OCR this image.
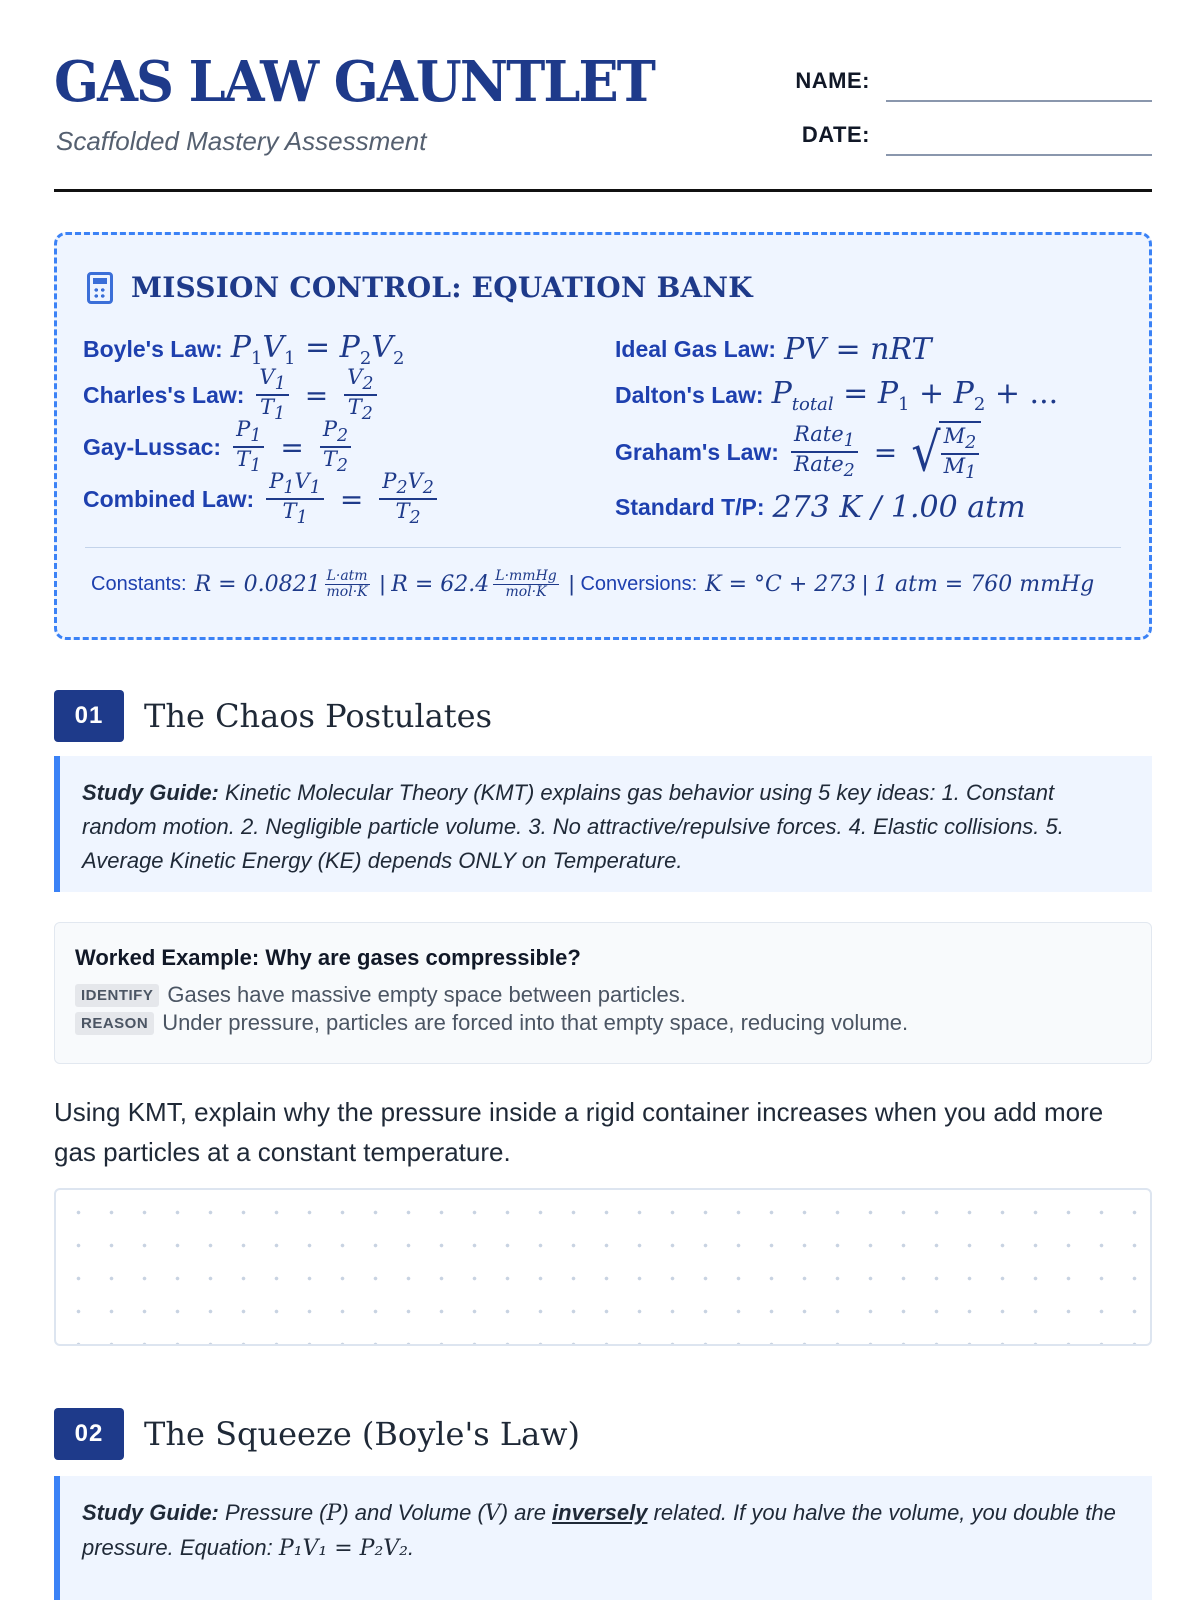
GAS LAW GAUNTLET
Scaffolded Mastery Assessment
NAME:
DATE:
MISSION CONTROL: EQUATION BANK
Boyle's Law: $P_1V_1 = P_2V_2$
Charles's Law: $\frac{V_1}{T_1} = \frac{V_2}{T_2}$
Gay-Lussac: $\frac{P_1}{T_1} = \frac{P_2}{T_2}$
Combined Law: $\frac{P_1V_1}{T_1} = \frac{P_2V_2}{T_2}$
Ideal Gas Law: PV = nRT
Dalton's Law: $P_{total} = P_1 + P_2$ + ...
Graham's Law: $\frac{Rate_1}{Rate_2}$ = √ $\frac{M_2}{M_1}$
Standard T/P: 273 K / 1.00 atm
Constants: R = 0.0821 L·atm
mol·K | R = 62.4 L·mmHg
mol·K | Conversions: K = °C + 273 | 1 atm = 760 mmHg
01	The Chaos Postulates
Study Guide: Kinetic Molecular Theory (KMT) explains gas behavior using 5 key ideas: 1. Constant random motion. 2. Negligible particle volume. 3. No attractive/repulsive forces. 4. Elastic collisions. 5. Average Kinetic Energy (KE) depends ONLY on Temperature.
Worked Example: Why are gases compressible?
IDENTIFY Gases have massive empty space between particles.
REASON Under pressure, particles are forced into that empty space, reducing volume.
Using KMT, explain why the pressure inside a rigid container increases when you add more gas particles at a constant temperature.
02	The Squeeze (Boyle's Law)
Study Guide: Pressure (P) and Volume (V) are inversely related. If you halve the volume, you double the pressure. Equation: P₁V₁ = P₂V₂.
